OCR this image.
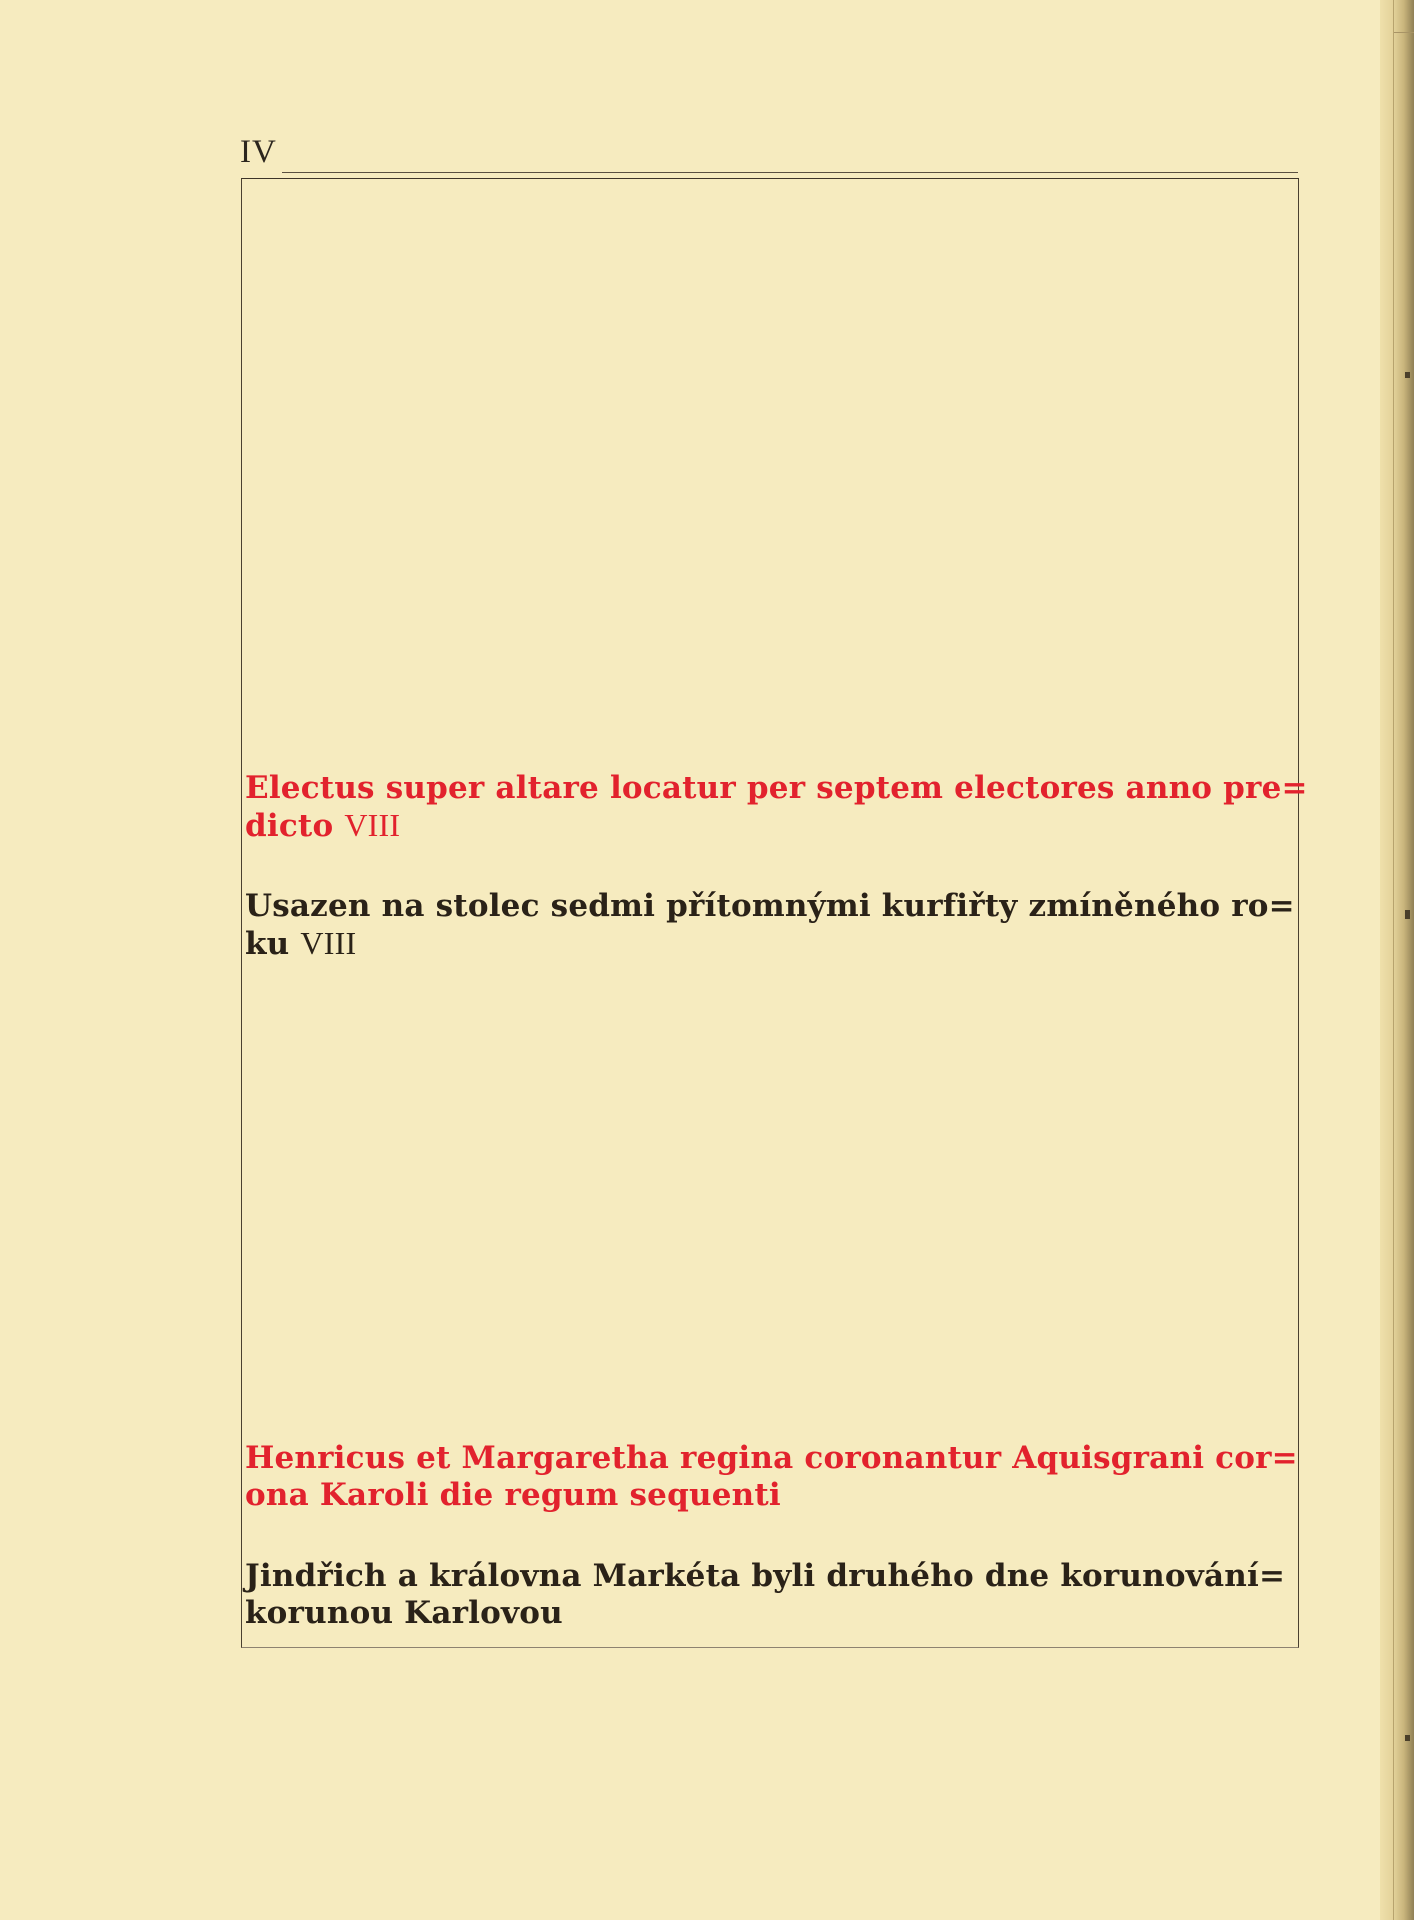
IV
Electus super altare locatur per septem electores anno pre=
dicto VIII
Usazen na stolec sedmi přítomnými kurfiřty zmíněného ro=
ku VIII
Henricus et Margaretha regina coronantur Aquisgrani cor=
ona Karoli die regum sequenti
Jindřich a královna Markéta byli druhého dne korunování=
korunou Karlovou
